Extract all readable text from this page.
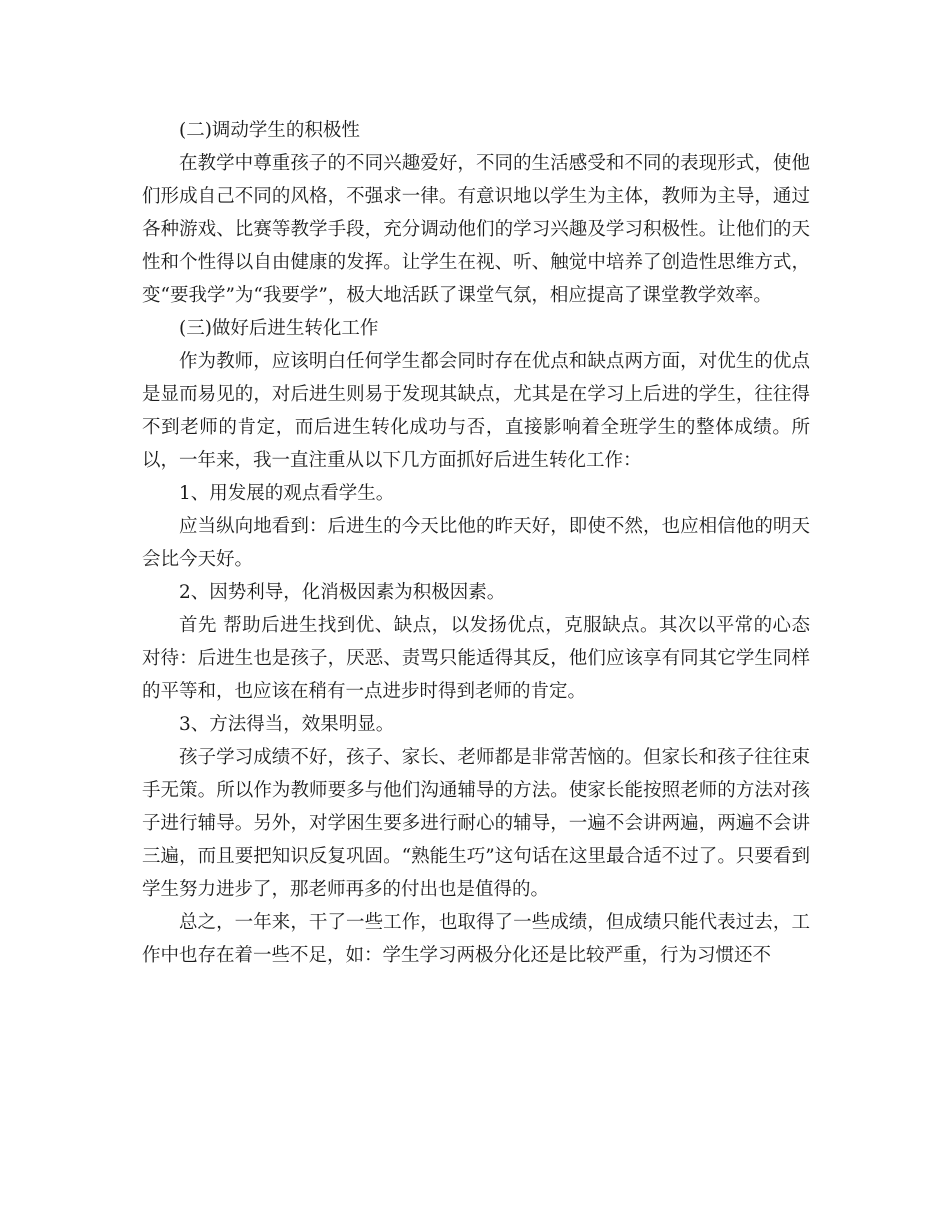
(二)调动学生的积极性

在教学中尊重孩子的不同兴趣爱好，不同的生活感受和不同的表现形式，使他们形成自己不同的风格，不强求一律。有意识地以学生为主体，教师为主导，通过各种游戏、比赛等教学手段，充分调动他们的学习兴趣及学习积极性。让他们的天性和个性得以自由健康的发挥。让学生在视、听、触觉中培养了创造性思维方式，变“要我学”为“我要学”，极大地活跃了课堂气氛，相应提高了课堂教学效率。

(三)做好后进生转化工作

作为教师，应该明白任何学生都会同时存在优点和缺点两方面，对优生的优点是显而易见的，对后进生则易于发现其缺点，尤其是在学习上后进的学生，往往得不到老师的肯定，而后进生转化成功与否，直接影响着全班学生的整体成绩。所以，一年来，我一直注重从以下几方面抓好后进生转化工作：

1、用发展的观点看学生。

应当纵向地看到：后进生的今天比他的昨天好，即使不然，也应相信他的明天会比今天好。

2、因势利导，化消极因素为积极因素。

首先 帮助后进生找到优、缺点，以发扬优点，克服缺点。其次以平常的心态对待：后进生也是孩子，厌恶、责骂只能适得其反，他们应该享有同其它学生同样的平等和，也应该在稍有一点进步时得到老师的肯定。

3、方法得当，效果明显。

孩子学习成绩不好，孩子、家长、老师都是非常苦恼的。但家长和孩子往往束手无策。所以作为教师要多与他们沟通辅导的方法。使家长能按照老师的方法对孩子进行辅导。另外，对学困生要多进行耐心的辅导，一遍不会讲两遍，两遍不会讲三遍，而且要把知识反复巩固。“熟能生巧”这句话在这里最合适不过了。只要看到学生努力进步了，那老师再多的付出也是值得的。

总之，一年来，干了一些工作，也取得了一些成绩，但成绩只能代表过去，工作中也存在着一些不足，如：学生学习两极分化还是比较严重，行为习惯还不
